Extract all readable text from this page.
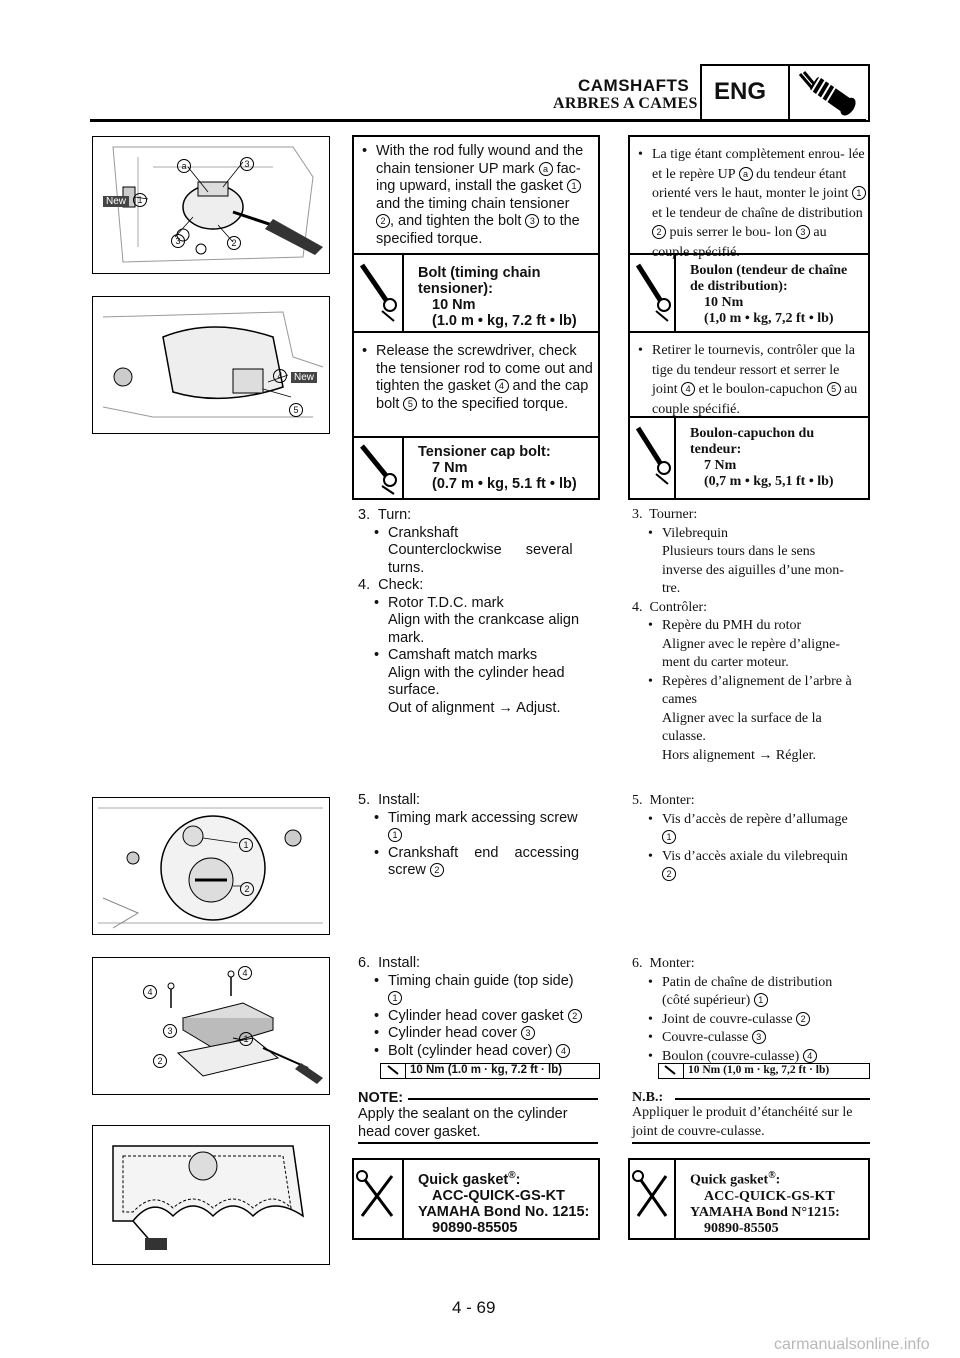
CAMSHAFTS
ARBRES A CAMES ENG
a	3
3	2
New 1
4 New
5
1
2
4
4
3
1
2
• With the rod fully wound and the chain tensioner UP mark a fac- ing upward, install the gasket 1 and the timing chain tensioner
2 , and tighten the bolt 3 to the specified torque.
Bolt (timing chain tensioner):
10 Nm
(1.0 m • kg, 7.2 ft • lb)
• Release the screwdriver, check the tensioner rod to come out and tighten the gasket 4 and the cap bolt 5 to the specified torque.
Tensioner cap bolt:
7 Nm
(0.7 m • kg, 5.1 ft • lb)
3. Turn:
• Crankshaft
Counterclockwise      several
turns.
4. Check:
• Rotor T.D.C. mark
Align with the crankcase align
mark.
• Camshaft match marks
Align with the cylinder head
surface.
Out of alignment → Adjust.
5. Install:
• Timing mark accessing screw
1
• Crankshaft    end    accessing
screw 2
6. Install:
• Timing chain guide (top side)
1
• Cylinder head cover gasket 2
• Cylinder head cover 3
• Bolt (cylinder head cover) 4
10 Nm (1.0 m · kg, 7.2 ft · lb)
NOTE:
Apply the sealant on the cylinder
head cover gasket.
Quick gasket®:
ACC-QUICK-GS-KT
YAMAHA Bond No. 1215:
90890-85505
• La tige étant complètement enrou- lée et le repère UP a du tendeur étant orienté vers le haut, monter le joint 1 et le tendeur de chaîne de distribution 2 puis serrer le bou- lon 3 au couple spécifié.
Boulon (tendeur de chaîne
de distribution):
10 Nm
(1,0 m • kg, 7,2 ft • lb)
• Retirer le tournevis, contrôler que la tige du tendeur ressort et serrer le joint 4 et le boulon-capuchon 5 au couple spécifié.
Boulon-capuchon du
tendeur:
7 Nm
(0,7 m • kg, 5,1 ft • lb)
3. Tourner:
• Vilebrequin
Plusieurs tours dans le sens
inverse des aiguilles d’une mon-
tre.
4. Contrôler:
• Repère du PMH du rotor
Aligner avec le repère d’aligne-
ment du carter moteur.
• Repères d’alignement de l’arbre à
cames
Aligner avec la surface de la
culasse.
Hors alignement → Régler.
5. Monter:
• Vis d’accès de repère d’allumage
1
• Vis d’accès axiale du vilebrequin
2
6. Monter:
• Patin de chaîne de distribution
(côté supérieur) 1
• Joint de couvre-culasse 2
• Couvre-culasse 3
• Boulon (couvre-culasse) 4
10 Nm (1,0 m · kg, 7,2 ft · lb)
N.B.:
Appliquer le produit d’étanchéité sur le
joint de couvre-culasse.
Quick gasket®:
ACC-QUICK-GS-KT
YAMAHA Bond N°1215:
90890-85505
4 - 69
carmanualsonline.info
